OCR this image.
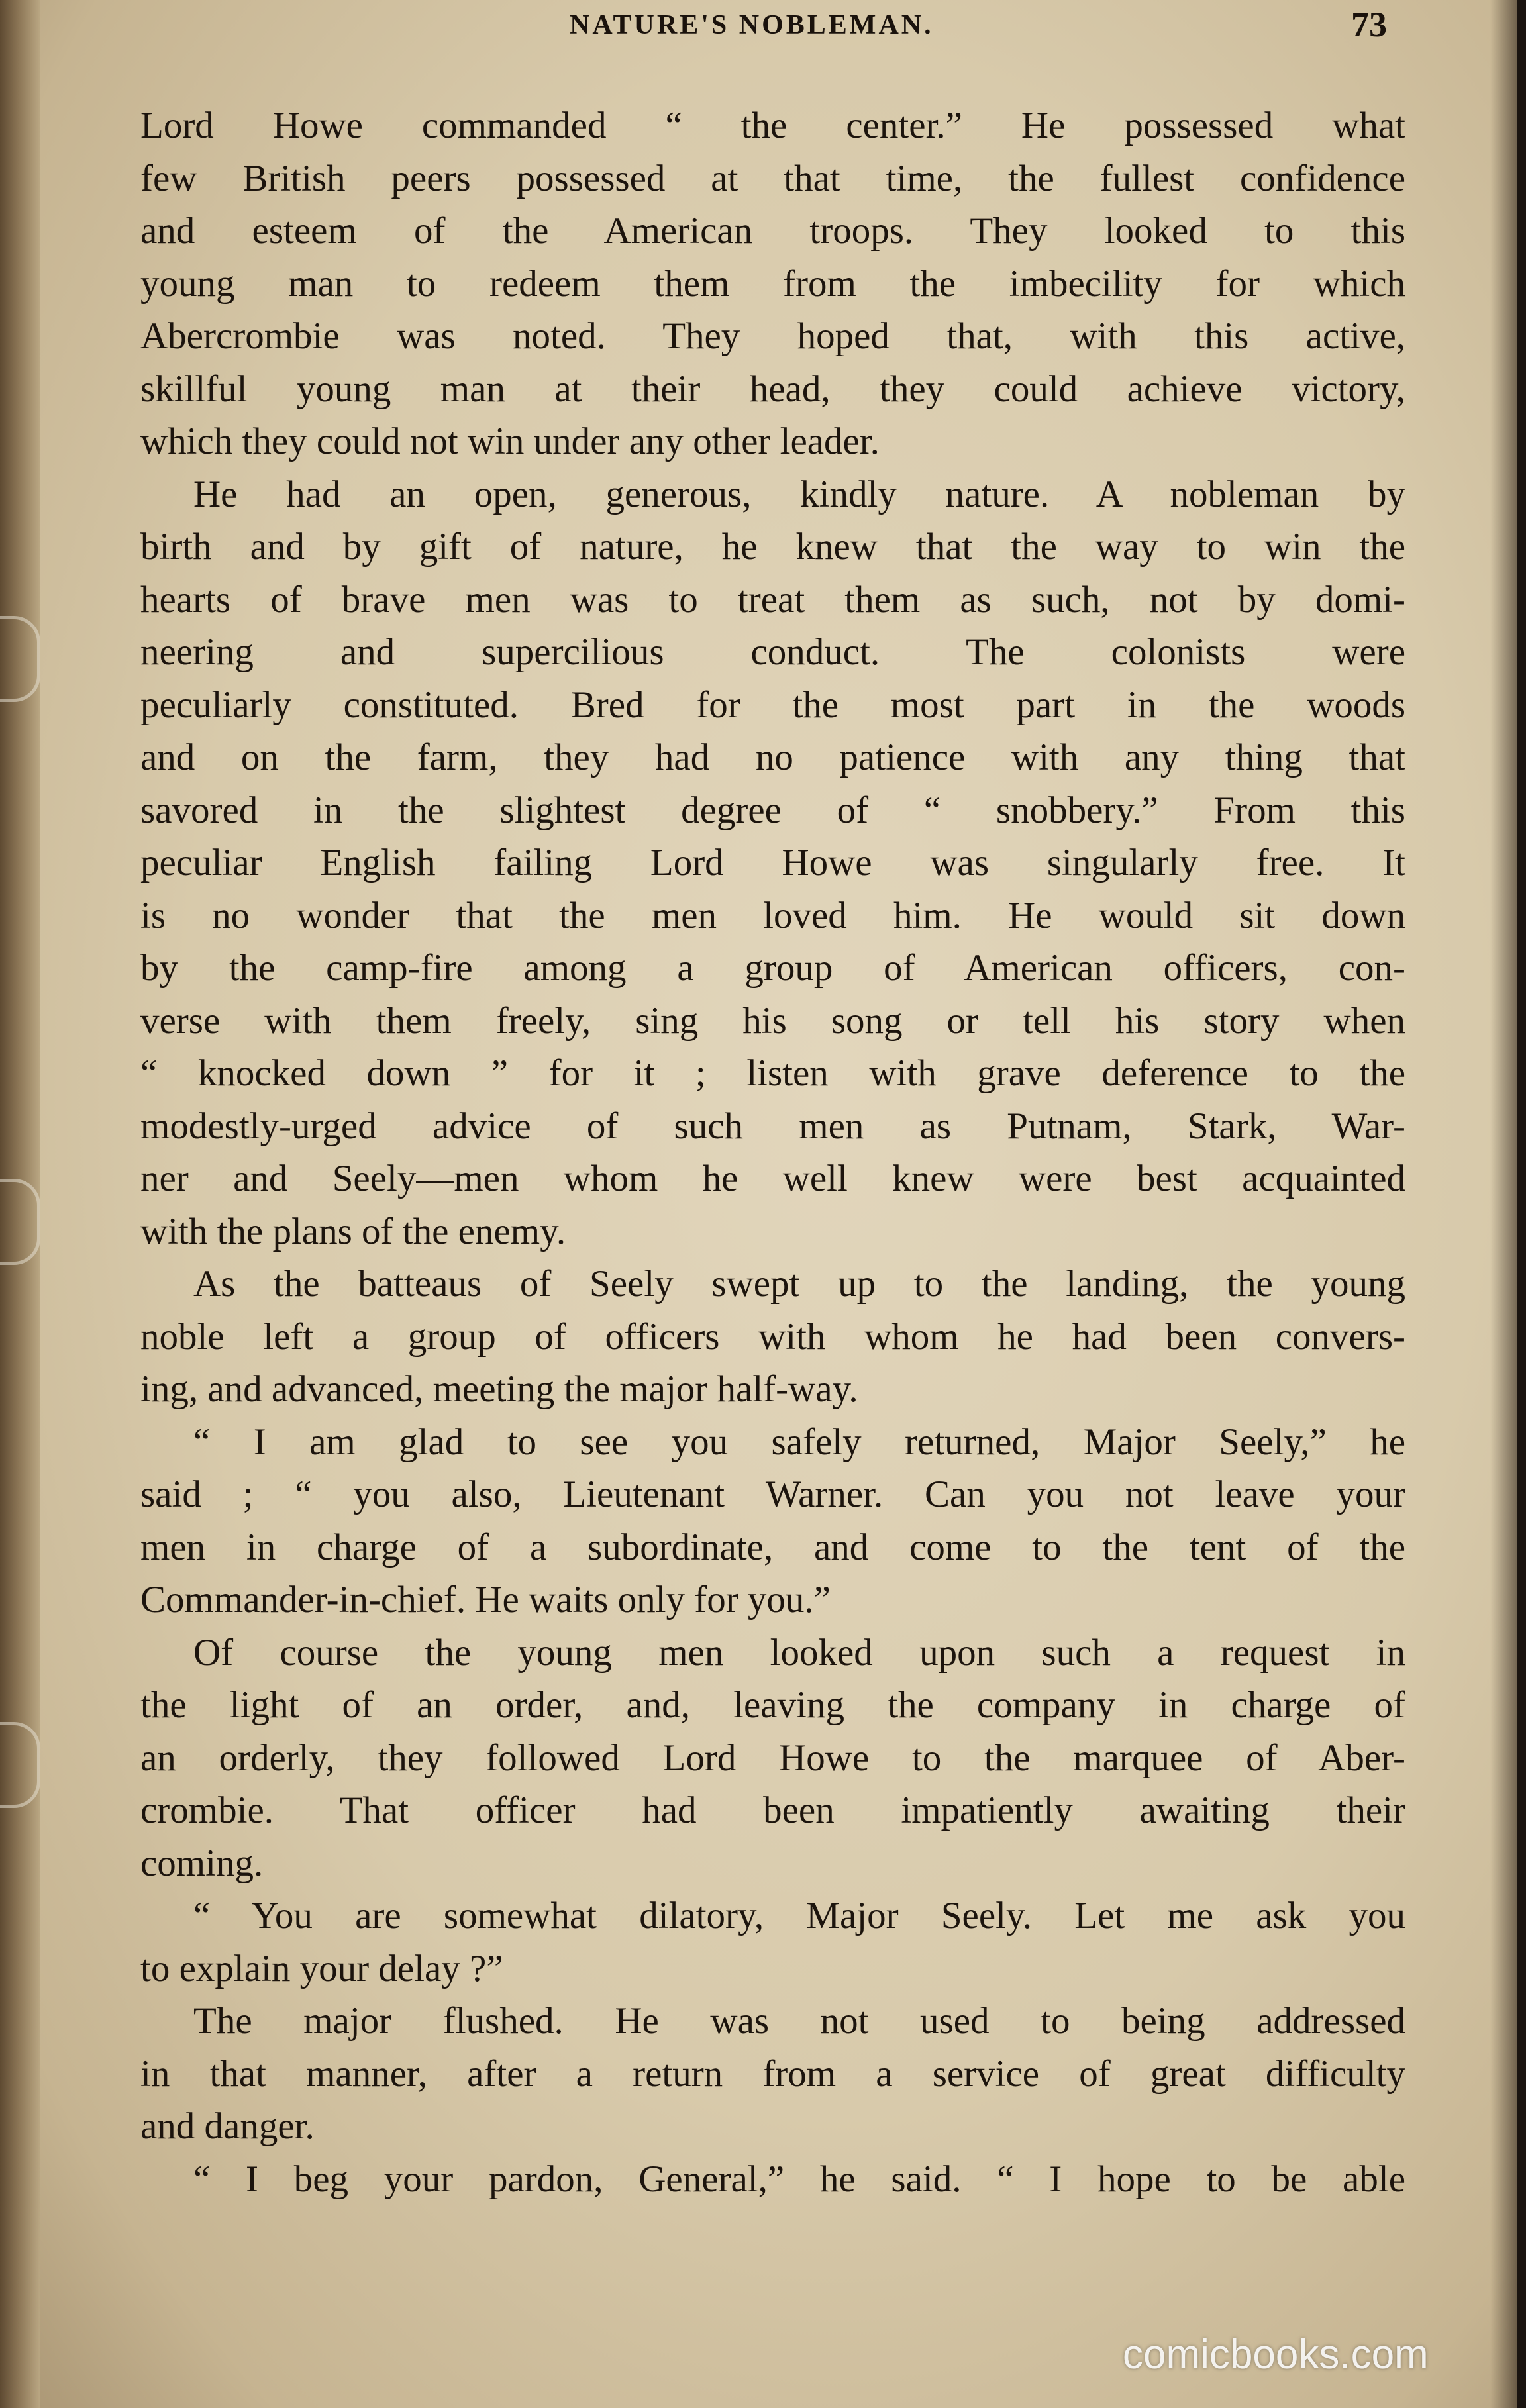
NATURE'S NOBLEMAN.	73
Lord Howe commanded “ the center.” He possessed what
few British peers possessed at that time, the fullest confidence
and esteem of the American troops. They looked to this
young man to redeem them from the imbecility for which
Abercrombie was noted. They hoped that, with this active,
skillful young man at their head, they could achieve victory,
which they could not win under any other leader.
He had an open, generous, kindly nature. A nobleman by
birth and by gift of nature, he knew that the way to win the
hearts of brave men was to treat them as such, not by domi-
neering and supercilious conduct. The colonists were
peculiarly constituted. Bred for the most part in the woods
and on the farm, they had no patience with any thing that
savored in the slightest degree of “ snobbery.” From this
peculiar English failing Lord Howe was singularly free. It
is no wonder that the men loved him. He would sit down
by the camp-fire among a group of American officers, con-
verse with them freely, sing his song or tell his story when
“ knocked down ” for it ; listen with grave deference to the
modestly-urged advice of such men as Putnam, Stark, War-
ner and Seely—men whom he well knew were best acquainted
with the plans of the enemy.
As the batteaus of Seely swept up to the landing, the young
noble left a group of officers with whom he had been convers-
ing, and advanced, meeting the major half-way.
“ I am glad to see you safely returned, Major Seely,” he
said ; “ you also, Lieutenant Warner. Can you not leave your
men in charge of a subordinate, and come to the tent of the
Commander-in-chief. He waits only for you.”
Of course the young men looked upon such a request in
the light of an order, and, leaving the company in charge of
an orderly, they followed Lord Howe to the marquee of Aber-
crombie. That officer had been impatiently awaiting their
coming.
“ You are somewhat dilatory, Major Seely. Let me ask you
to explain your delay ?”
The major flushed. He was not used to being addressed
in that manner, after a return from a service of great difficulty
and danger.
“ I beg your pardon, General,” he said. “ I hope to be able
comicbooks.com
